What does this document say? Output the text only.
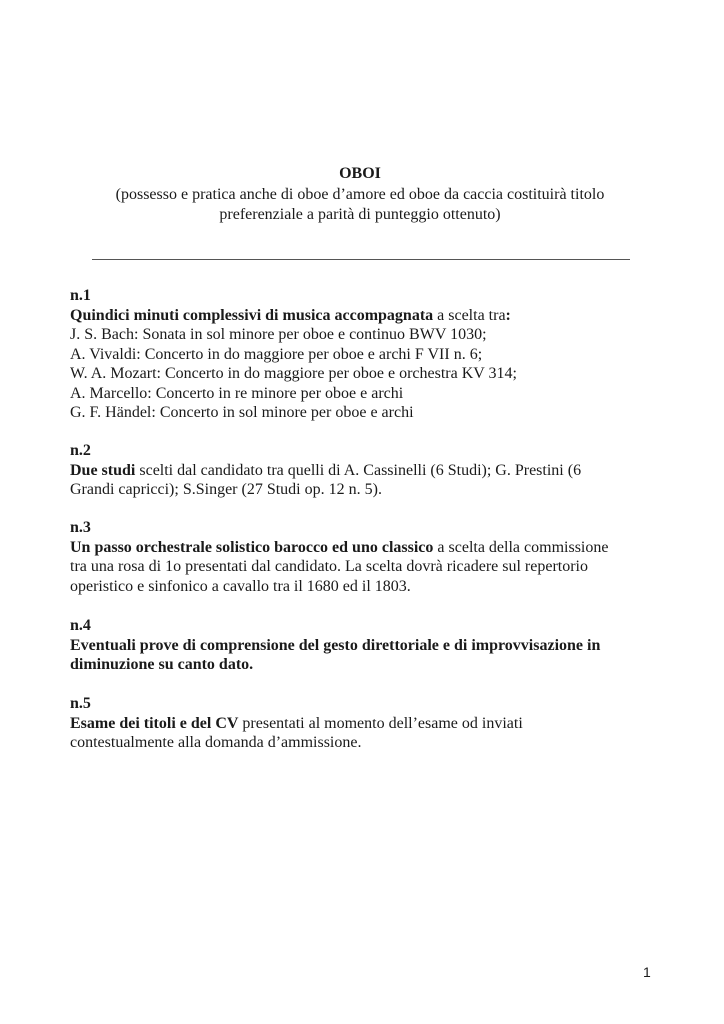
OBOI
(possesso e pratica anche di oboe d’amore ed oboe da caccia costituirà titolo
preferenziale a parità di punteggio ottenuto)
n.1
Quindici minuti complessivi di musica accompagnata a scelta tra:
J. S. Bach: Sonata in sol minore per oboe e continuo BWV 1030;
A. Vivaldi: Concerto in do maggiore per oboe e archi F VII n. 6;
W. A. Mozart: Concerto in do maggiore per oboe e orchestra KV 314;
A. Marcello: Concerto in re minore per oboe e archi
G. F. Händel: Concerto in sol minore per oboe e archi
n.2
Due studi scelti dal candidato tra quelli di A. Cassinelli (6 Studi); G. Prestini (6
Grandi capricci); S.Singer (27 Studi op. 12 n. 5).
n.3
Un passo orchestrale solistico barocco ed uno classico a scelta della commissione
tra una rosa di 1o presentati dal candidato. La scelta dovrà ricadere sul repertorio
operistico e sinfonico a cavallo tra il 1680 ed il 1803.
n.4
Eventuali prove di comprensione del gesto direttoriale e di improvvisazione in
diminuzione su canto dato.
n.5
Esame dei titoli e del CV presentati al momento dell’esame od inviati
contestualmente alla domanda d’ammissione.
1
